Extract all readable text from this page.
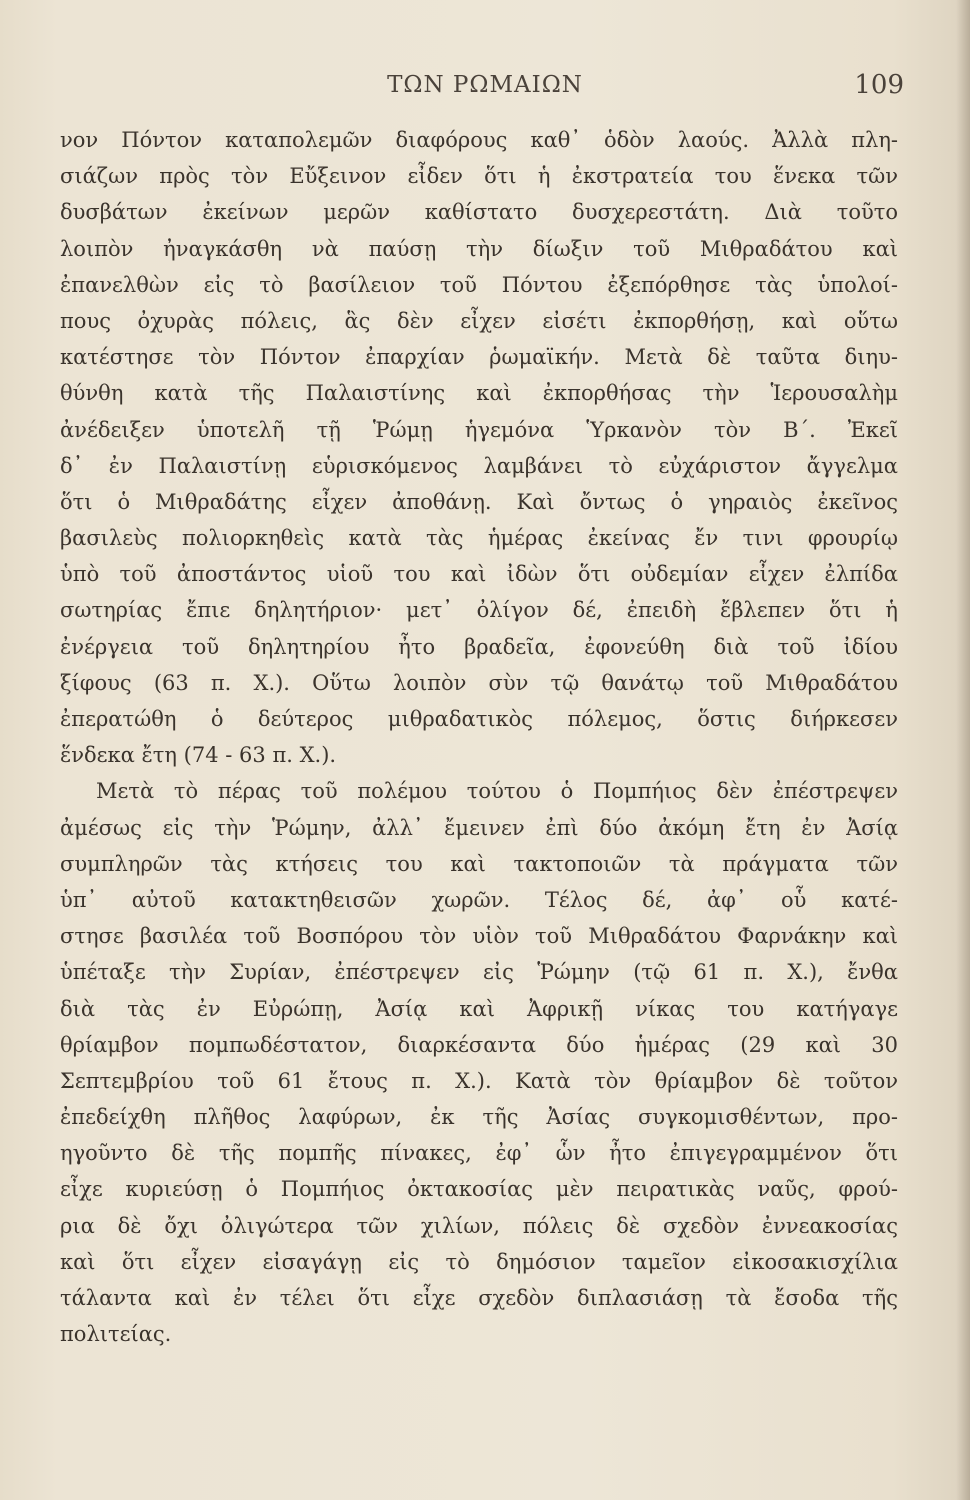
ΤΩΝ ΡΩΜΑΙΩΝ	109
νον Πόντον καταπολεμῶν διαφόρους καθ᾽ ὁδὸν λαούς. Ἀλλὰ πλη-
σιάζων πρὸς τὸν Εὔξεινον εἶδεν ὅτι ἡ ἐκστρατεία του ἕνεκα τῶν
δυσβάτων ἐκείνων μερῶν καθίστατο δυσχερεστάτη. Διὰ τοῦτο
λοιπὸν ἠναγκάσθη νὰ παύσῃ τὴν δίωξιν τοῦ Μιθραδάτου καὶ
ἐπανελθὼν εἰς τὸ βασίλειον τοῦ Πόντου ἐξεπόρθησε τὰς ὑπολοί-
πους ὀχυρὰς πόλεις, ἃς δὲν εἶχεν εἰσέτι ἐκπορθήσῃ, καὶ οὕτω
κατέστησε τὸν Πόντον ἐπαρχίαν ῥωμαϊκήν. Μετὰ δὲ ταῦτα διηυ-
θύνθη κατὰ τῆς Παλαιστίνης καὶ ἐκπορθήσας τὴν Ἱερουσαλὴμ
ἀνέδειξεν ὑποτελῆ τῇ Ῥώμῃ ἡγεμόνα Ὑρκανὸν τὸν Β΄. Ἐκεῖ
δ᾽ ἐν Παλαιστίνῃ εὑρισκόμενος λαμβάνει τὸ εὐχάριστον ἄγγελμα
ὅτι ὁ Μιθραδάτης εἶχεν ἀποθάνῃ. Καὶ ὄντως ὁ γηραιὸς ἐκεῖνος
βασιλεὺς πολιορκηθεὶς κατὰ τὰς ἡμέρας ἐκείνας ἔν τινι φρουρίῳ
ὑπὸ τοῦ ἀποστάντος υἱοῦ του καὶ ἰδὼν ὅτι οὐδεμίαν εἶχεν ἐλπίδα
σωτηρίας ἔπιε δηλητήριον· μετ᾽ ὀλίγον δέ, ἐπειδὴ ἔβλεπεν ὅτι ἡ
ἐνέργεια τοῦ δηλητηρίου ἦτο βραδεῖα, ἐφονεύθη διὰ τοῦ ἰδίου
ξίφους (63 π. Χ.). Οὕτω λοιπὸν σὺν τῷ θανάτῳ τοῦ Μιθραδάτου
ἐπερατώθη ὁ δεύτερος μιθραδατικὸς πόλεμος, ὅστις διήρκεσεν
ἕνδεκα ἔτη (74 - 63 π. Χ.).
Μετὰ τὸ πέρας τοῦ πολέμου τούτου ὁ Πομπήιος δὲν ἐπέστρεψεν
ἀμέσως εἰς τὴν Ῥώμην, ἀλλ᾽ ἔμεινεν ἐπὶ δύο ἀκόμη ἔτη ἐν Ἀσίᾳ
συμπληρῶν τὰς κτήσεις του καὶ τακτοποιῶν τὰ πράγματα τῶν
ὑπ᾽ αὐτοῦ κατακτηθεισῶν χωρῶν. Τέλος δέ, ἀφ᾽ οὗ κατέ-
στησε βασιλέα τοῦ Βοσπόρου τὸν υἱὸν τοῦ Μιθραδάτου Φαρνάκην καὶ
ὑπέταξε τὴν Συρίαν, ἐπέστρεψεν εἰς Ῥώμην (τῷ 61 π. Χ.), ἔνθα
διὰ τὰς ἐν Εὐρώπῃ, Ἀσίᾳ καὶ Ἀφρικῇ νίκας του κατήγαγε
θρίαμβον πομπωδέστατον, διαρκέσαντα δύο ἡμέρας (29 καὶ 30
Σεπτεμβρίου τοῦ 61 ἔτους π. Χ.). Κατὰ τὸν θρίαμβον δὲ τοῦτον
ἐπεδείχθη πλῆθος λαφύρων, ἐκ τῆς Ἀσίας συγκομισθέντων, προ-
ηγοῦντο δὲ τῆς πομπῆς πίνακες, ἐφ᾽ ὧν ἦτο ἐπιγεγραμμένον ὅτι
εἶχε κυριεύσῃ ὁ Πομπήιος ὀκτακοσίας μὲν πειρατικὰς ναῦς, φρού-
ρια δὲ ὄχι ὀλιγώτερα τῶν χιλίων, πόλεις δὲ σχεδὸν ἐννεακοσίας
καὶ ὅτι εἶχεν εἰσαγάγῃ εἰς τὸ δημόσιον ταμεῖον εἰκοσακισχίλια
τάλαντα καὶ ἐν τέλει ὅτι εἶχε σχεδὸν διπλασιάσῃ τὰ ἔσοδα τῆς
πολιτείας.
